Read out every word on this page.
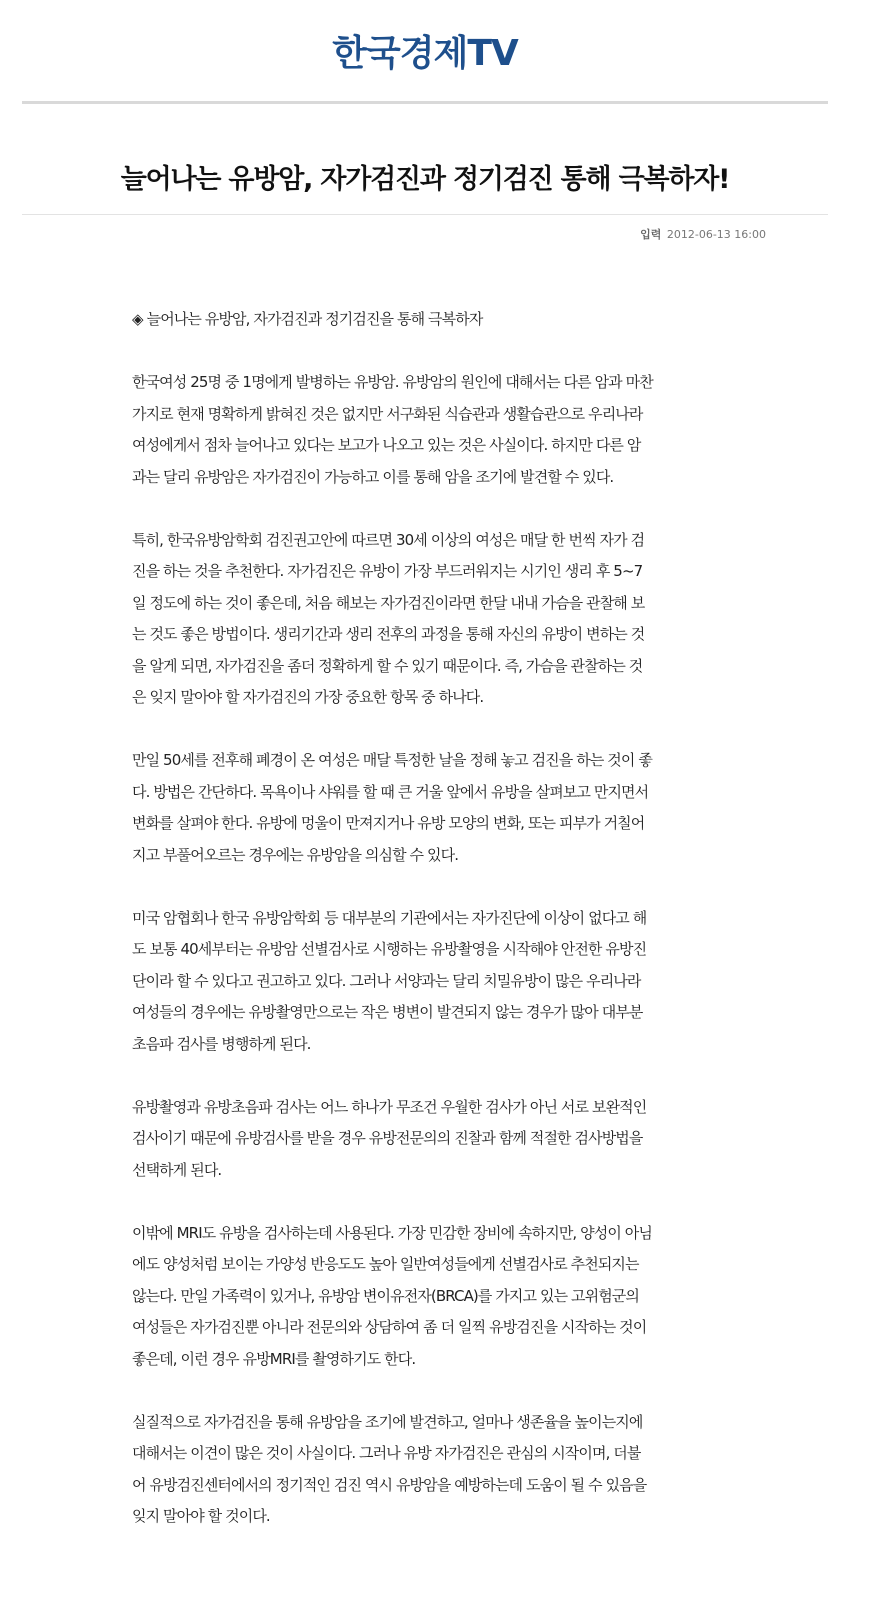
한국경제TV
늘어나는 유방암, 자가검진과 정기검진 통해 극복하자!
입력 2012-06-13 16:00

◈ 늘어나는 유방암, 자가검진과 정기검진을 통해 극복하자

한국여성 25명 중 1명에게 발병하는 유방암. 유방암의 원인에 대해서는 다른 암과 마찬
가지로 현재 명확하게 밝혀진 것은 없지만 서구화된 식습관과 생활습관으로 우리나라
여성에게서 점차 늘어나고 있다는 보고가 나오고 있는 것은 사실이다. 하지만 다른 암
과는 달리 유방암은 자가검진이 가능하고 이를 통해 암을 조기에 발견할 수 있다.

특히, 한국유방암학회 검진권고안에 따르면 30세 이상의 여성은 매달 한 번씩 자가 검
진을 하는 것을 추천한다. 자가검진은 유방이 가장 부드러워지는 시기인 생리 후 5~7
일 정도에 하는 것이 좋은데, 처음 해보는 자가검진이라면 한달 내내 가슴을 관찰해 보
는 것도 좋은 방법이다. 생리기간과 생리 전후의 과정을 통해 자신의 유방이 변하는 것
을 알게 되면, 자가검진을 좀더 정확하게 할 수 있기 때문이다. 즉, 가슴을 관찰하는 것
은 잊지 말아야 할 자가검진의 가장 중요한 항목 중 하나다.

만일 50세를 전후해 폐경이 온 여성은 매달 특정한 날을 정해 놓고 검진을 하는 것이 좋
다. 방법은 간단하다. 목욕이나 샤워를 할 때 큰 거울 앞에서 유방을 살펴보고 만지면서
변화를 살펴야 한다. 유방에 멍울이 만져지거나 유방 모양의 변화, 또는 피부가 거칠어
지고 부풀어오르는 경우에는 유방암을 의심할 수 있다.

미국 암협회나 한국 유방암학회 등 대부분의 기관에서는 자가진단에 이상이 없다고 해
도 보통 40세부터는 유방암 선별검사로 시행하는 유방촬영을 시작해야 안전한 유방진
단이라 할 수 있다고 권고하고 있다. 그러나 서양과는 달리 치밀유방이 많은 우리나라
여성들의 경우에는 유방촬영만으로는 작은 병변이 발견되지 않는 경우가 많아 대부분
초음파 검사를 병행하게 된다.

유방촬영과 유방초음파 검사는 어느 하나가 무조건 우월한 검사가 아닌 서로 보완적인
검사이기 때문에 유방검사를 받을 경우 유방전문의의 진찰과 함께 적절한 검사방법을
선택하게 된다.

이밖에 MRI도 유방을 검사하는데 사용된다. 가장 민감한 장비에 속하지만, 양성이 아님
에도 양성처럼 보이는 가양성 반응도도 높아 일반여성들에게 선별검사로 추천되지는
않는다. 만일 가족력이 있거나, 유방암 변이유전자(BRCA)를 가지고 있는 고위험군의
여성들은 자가검진뿐 아니라 전문의와 상담하여 좀 더 일찍 유방검진을 시작하는 것이
좋은데, 이런 경우 유방MRI를 촬영하기도 한다.

실질적으로 자가검진을 통해 유방암을 조기에 발견하고, 얼마나 생존율을 높이는지에
대해서는 이견이 많은 것이 사실이다. 그러나 유방 자가검진은 관심의 시작이며, 더불
어 유방검진센터에서의 정기적인 검진 역시 유방암을 예방하는데 도움이 될 수 있음을
잊지 말아야 할 것이다.
